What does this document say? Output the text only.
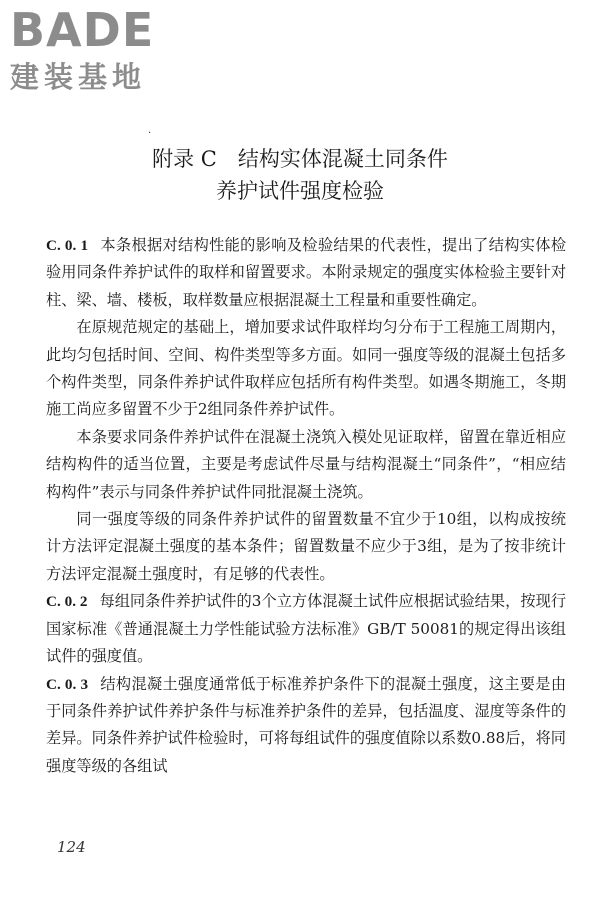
BADE
建装基地
·
附录 C　结构实体混凝土同条件
养护试件强度检验

C. 0. 1 本条根据对结构性能的影响及检验结果的代表性，提出了结构实体检验用同条件养护试件的取样和留置要求。本附录规定的强度实体检验主要针对柱、梁、墙、楼板，取样数量应根据混凝土工程量和重要性确定。

在原规范规定的基础上，增加要求试件取样均匀分布于工程施工周期内，此均匀包括时间、空间、构件类型等多方面。如同一强度等级的混凝土包括多个构件类型，同条件养护试件取样应包括所有构件类型。如遇冬期施工，冬期施工尚应多留置不少于2组同条件养护试件。

本条要求同条件养护试件在混凝土浇筑入模处见证取样，留置在靠近相应结构构件的适当位置，主要是考虑试件尽量与结构混凝土“同条件”，“相应结构构件”表示与同条件养护试件同批混凝土浇筑。

同一强度等级的同条件养护试件的留置数量不宜少于10组，以构成按统计方法评定混凝土强度的基本条件；留置数量不应少于3组，是为了按非统计方法评定混凝土强度时，有足够的代表性。

C. 0. 2 每组同条件养护试件的3个立方体混凝土试件应根据试验结果，按现行国家标准《普通混凝土力学性能试验方法标准》GB/T 50081的规定得出该组试件的强度值。

C. 0. 3 结构混凝土强度通常低于标准养护条件下的混凝土强度，这主要是由于同条件养护试件养护条件与标准养护条件的差异，包括温度、湿度等条件的差异。同条件养护试件检验时，可将每组试件的强度值除以系数0.88后，将同强度等级的各组试

124
